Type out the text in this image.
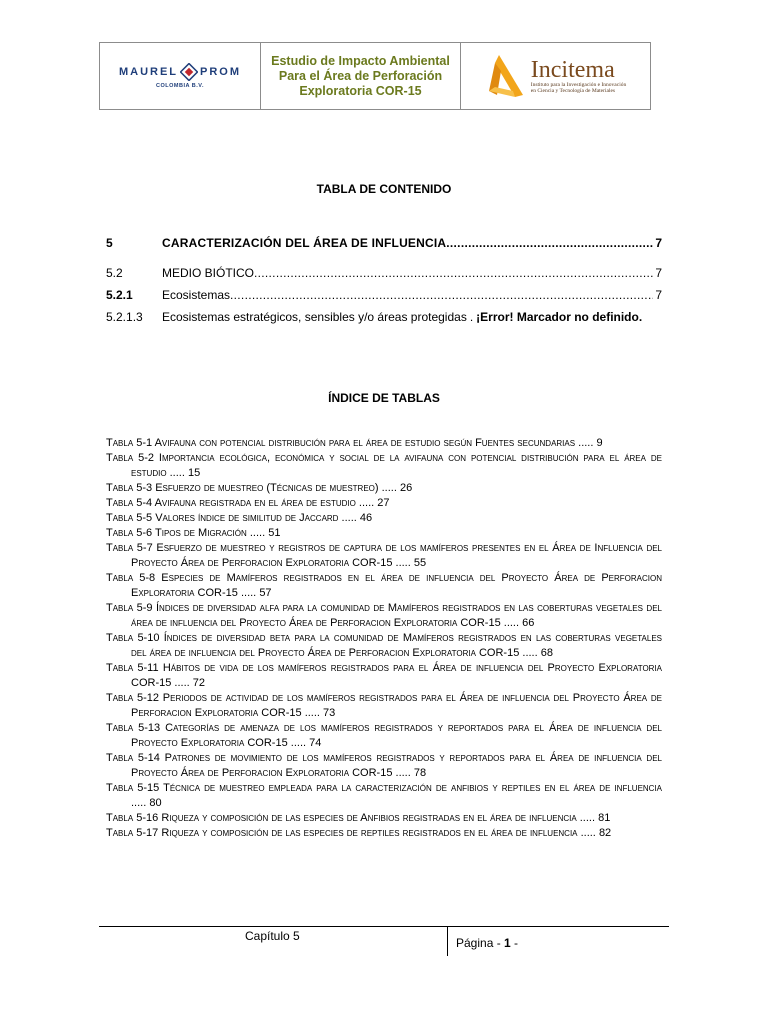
MAUREL PROM
COLOMBIA B.V.
Estudio de Impacto Ambiental
Para el Área de Perforación
Exploratoria COR-15
Incitema
Instituto para la Investigación e Innovación
en Ciencia y Tecnología de Materiales
TABLA DE CONTENIDO
5	CARACTERIZACIÓN DEL ÁREA DE INFLUENCIA .....	7
5.2	MEDIO BIÓTICO .....	7
5.2.1	Ecosistemas .....	7
5.2.1.3	Ecosistemas estratégicos, sensibles y/o áreas protegidas . ¡Error! Marcador no definido.
ÍNDICE DE TABLAS
Tabla 5-1 Avifauna con potencial distribución para el área de estudio según Fuentes secundarias ..... 9
Tabla 5-2 Importancia ecológica, económica y social de la avifauna con potencial distribución para el área de estudio ..... 15
Tabla 5-3 Esfuerzo de muestreo (Técnicas de muestreo) ..... 26
Tabla 5-4 Avifauna registrada en el área de estudio ..... 27
Tabla 5-5 Valores índice de similitud de Jaccard ..... 46
Tabla 5-6 Tipos de Migración ..... 51
Tabla 5-7 Esfuerzo de muestreo y registros de captura de los mamíferos presentes en el Área de Influencia del Proyecto Área de Perforacion Exploratoria COR-15 ..... 55
Tabla 5-8 Especies de Mamíferos registrados en el área de influencia del Proyecto Área de Perforacion Exploratoria COR-15 ..... 57
Tabla 5-9 Índices de diversidad alfa para la comunidad de Mamíferos registrados en las coberturas vegetales del área de influencia del Proyecto Área de Perforacion Exploratoria COR-15 ..... 66
Tabla 5-10 Índices de diversidad beta para la comunidad de Mamíferos registrados en las coberturas vegetales del área de influencia del Proyecto Área de Perforacion Exploratoria COR-15 ..... 68
Tabla 5-11 Hábitos de vida de los mamíferos registrados para el Área de influencia del Proyecto Exploratoria COR-15 ..... 72
Tabla 5-12 Periodos de actividad de los mamíferos registrados para el Área de influencia del Proyecto Área de Perforacion Exploratoria COR-15 ..... 73
Tabla 5-13 Categorías de amenaza de los mamíferos registrados y reportados para el Área de influencia del Proyecto Exploratoria COR-15 ..... 74
Tabla 5-14 Patrones de movimiento de los mamíferos registrados y reportados para el Área de influencia del Proyecto Área de Perforacion Exploratoria COR-15 ..... 78
Tabla 5-15 Técnica de muestreo empleada para la caracterización de anfibios y reptiles en el área de influencia ..... 80
Tabla 5-16 Riqueza y composición de las especies de Anfibios registradas en el área de influencia ..... 81
Tabla 5-17 Riqueza y composición de las especies de reptiles registrados en el área de influencia ..... 82
Capítulo 5	Página - 1 -
